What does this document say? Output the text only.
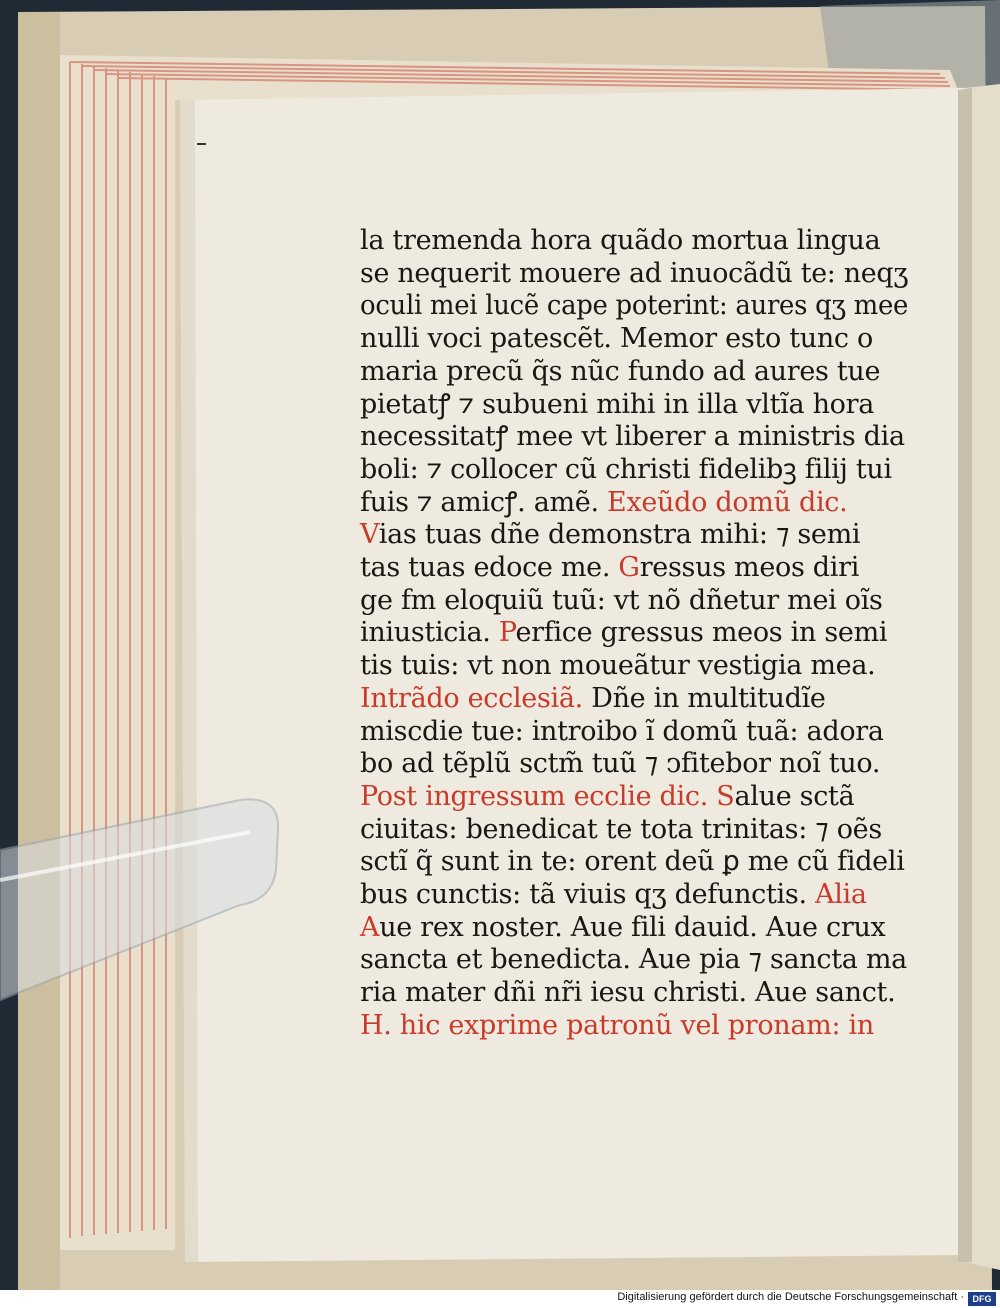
la tremenda hora quãdo mortua lingua
se nequerit mouere ad inuocãdũ te: neqʒ
oculi mei lucẽ cape poterint: aures qʒ mee
nulli voci patescẽt. Memor esto tunc o
maria precũ q̃s nũc fundo ad aures tue
pietatꝭ ⁊ subueni mihi in illa vltĩa hora
necessitatꝭ mee vt liberer a ministris dia
boli: ⁊ collocer cũ christi fidelibꝫ filij tui
fuis ⁊ amicꝭ. amẽ. Exeũdo domũ dic.
Vias tuas dñe demonstra mihi: ⁊ semi
tas tuas edoce me. Gressus meos diri
ge fm eloquiũ tuũ: vt nõ dñetur mei oĩs
iniusticia. Perfice gressus meos in semi
tis tuis: vt non moueãtur vestigia mea.
Intrãdo ecclesiã. Dñe in multitudĩe
miscdie tue: introibo ĩ domũ tuã: adora
bo ad tẽplũ sctm̃ tuũ ⁊ ↄfitebor noĩ tuo.
Post ingressum ecclie dic. Salue sctã
ciuitas: benedicat te tota trinitas: ⁊ oẽs
sctĩ q̃ sunt in te: orent deũ ꝑ me cũ fideli
bus cunctis: tã viuis qʒ defunctis. Alia
Aue rex noster. Aue fili dauid. Aue crux
sancta et benedicta. Aue pia ⁊ sancta ma
ria mater dñi nr̃i iesu christi. Aue sanct.
H. hic exprime patronũ vel pronam: in
Digitalisierung gefördert durch die Deutsche Forschungsgemeinschaft · DFG
